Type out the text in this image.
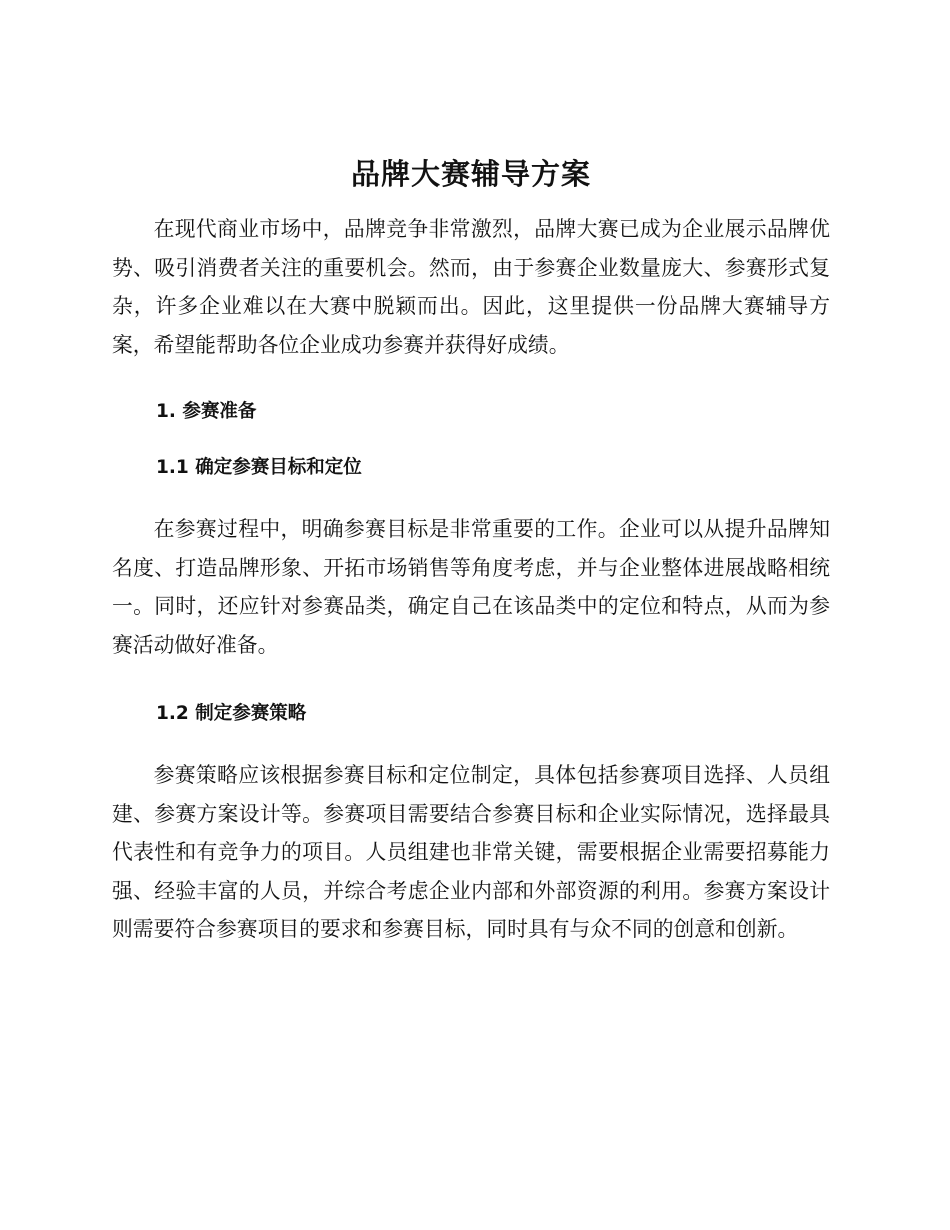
品牌大赛辅导方案

在现代商业市场中，品牌竞争非常激烈，品牌大赛已成为企业展示品牌优势、吸引消费者关注的重要机会。然而，由于参赛企业数量庞大、参赛形式复杂，许多企业难以在大赛中脱颖而出。因此，这里提供一份品牌大赛辅导方案，希望能帮助各位企业成功参赛并获得好成绩。

1. 参赛准备
1.1 确定参赛目标和定位

在参赛过程中，明确参赛目标是非常重要的工作。企业可以从提升品牌知名度、打造品牌形象、开拓市场销售等角度考虑，并与企业整体进展战略相统一。同时，还应针对参赛品类，确定自己在该品类中的定位和特点，从而为参赛活动做好准备。

1.2 制定参赛策略

参赛策略应该根据参赛目标和定位制定，具体包括参赛项目选择、人员组建、参赛方案设计等。参赛项目需要结合参赛目标和企业实际情况，选择最具代表性和有竞争力的项目。人员组建也非常关键，需要根据企业需要招募能力强、经验丰富的人员，并综合考虑企业内部和外部资源的利用。参赛方案设计则需要符合参赛项目的要求和参赛目标，同时具有与众不同的创意和创新。
